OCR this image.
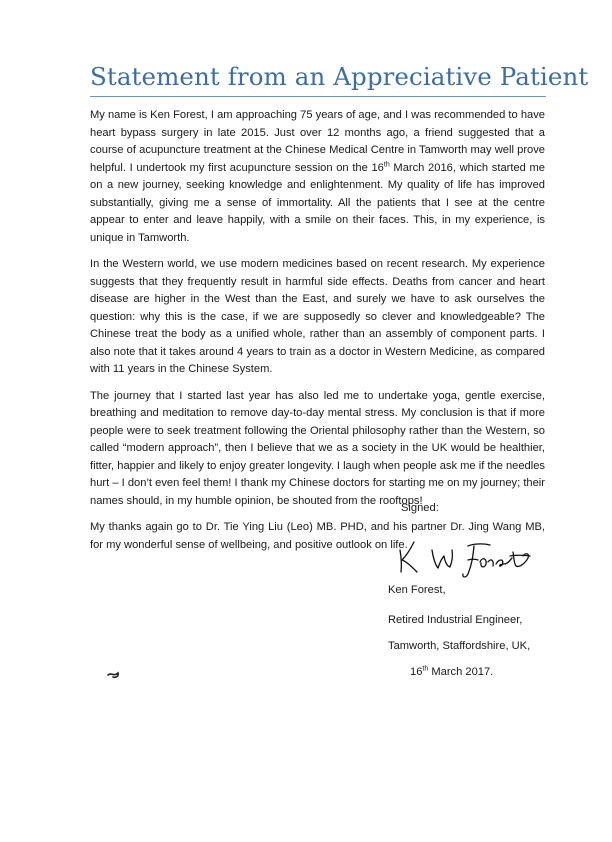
Statement from an Appreciative Patient

My name is Ken Forest, I am approaching 75 years of age, and I was recommended to have heart bypass surgery in late 2015. Just over 12 months ago, a friend suggested that a course of acupuncture treatment at the Chinese Medical Centre in Tamworth may well prove helpful. I undertook my first acupuncture session on the 16th March 2016, which started me on a new journey, seeking knowledge and enlightenment. My quality of life has improved substantially, giving me a sense of immortality. All the patients that I see at the centre appear to enter and leave happily, with a smile on their faces. This, in my experience, is unique in Tamworth.

In the Western world, we use modern medicines based on recent research. My experience suggests that they frequently result in harmful side effects. Deaths from cancer and heart disease are higher in the West than the East, and surely we have to ask ourselves the question: why this is the case, if we are supposedly so clever and knowledgeable? The Chinese treat the body as a unified whole, rather than an assembly of component parts. I also note that it takes around 4 years to train as a doctor in Western Medicine, as compared with 11 years in the Chinese System.

The journey that I started last year has also led me to undertake yoga, gentle exercise, breathing and meditation to remove day-to-day mental stress. My conclusion is that if more people were to seek treatment following the Oriental philosophy rather than the Western, so called “modern approach”, then I believe that we as a society in the UK would be healthier, fitter, happier and likely to enjoy greater longevity. I laugh when people ask me if the needles hurt – I don’t even feel them! I thank my Chinese doctors for starting me on my journey; their names should, in my humble opinion, be shouted from the rooftops!

My thanks again go to Dr. Tie Ying Liu (Leo) MB. PHD, and his partner Dr. Jing Wang MB, for my wonderful sense of wellbeing, and positive outlook on life.

Signed:
Ken Forest,
Retired Industrial Engineer,
Tamworth, Staffordshire, UK,
16th March 2017.
